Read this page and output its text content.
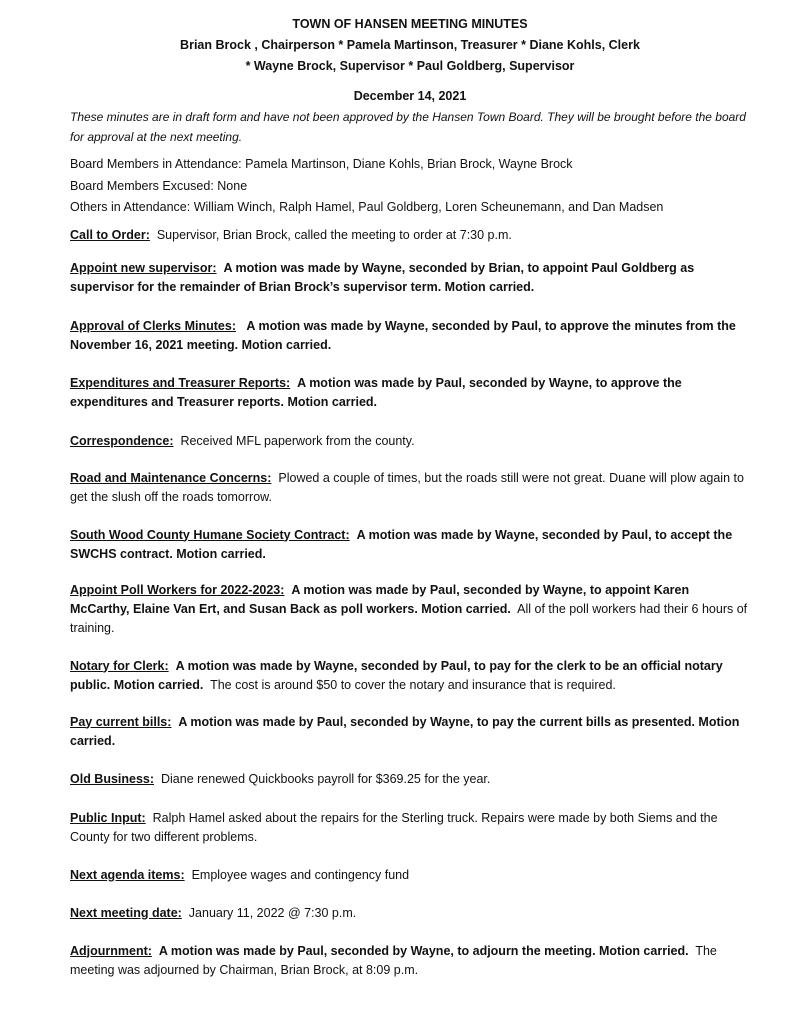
TOWN OF HANSEN MEETING MINUTES
Brian Brock , Chairperson * Pamela Martinson, Treasurer * Diane Kohls, Clerk
* Wayne Brock, Supervisor * Paul Goldberg, Supervisor
December 14, 2021
These minutes are in draft form and have not been approved by the Hansen Town Board. They will be brought before the board for approval at the next meeting.
Board Members in Attendance: Pamela Martinson, Diane Kohls, Brian Brock, Wayne Brock
Board Members Excused: None
Others in Attendance: William Winch, Ralph Hamel, Paul Goldberg, Loren Scheunemann, and Dan Madsen
Call to Order: Supervisor, Brian Brock, called the meeting to order at 7:30 p.m.
Appoint new supervisor: A motion was made by Wayne, seconded by Brian, to appoint Paul Goldberg as supervisor for the remainder of Brian Brock’s supervisor term. Motion carried.
Approval of Clerks Minutes: A motion was made by Wayne, seconded by Paul, to approve the minutes from the November 16, 2021 meeting. Motion carried.
Expenditures and Treasurer Reports: A motion was made by Paul, seconded by Wayne, to approve the expenditures and Treasurer reports. Motion carried.
Correspondence: Received MFL paperwork from the county.
Road and Maintenance Concerns: Plowed a couple of times, but the roads still were not great. Duane will plow again to get the slush off the roads tomorrow.
South Wood County Humane Society Contract: A motion was made by Wayne, seconded by Paul, to accept the SWCHS contract. Motion carried.
Appoint Poll Workers for 2022-2023: A motion was made by Paul, seconded by Wayne, to appoint Karen McCarthy, Elaine Van Ert, and Susan Back as poll workers. Motion carried. All of the poll workers had their 6 hours of training.
Notary for Clerk: A motion was made by Wayne, seconded by Paul, to pay for the clerk to be an official notary public. Motion carried. The cost is around $50 to cover the notary and insurance that is required.
Pay current bills: A motion was made by Paul, seconded by Wayne, to pay the current bills as presented. Motion carried.
Old Business: Diane renewed Quickbooks payroll for $369.25 for the year.
Public Input: Ralph Hamel asked about the repairs for the Sterling truck. Repairs were made by both Siems and the County for two different problems.
Next agenda items: Employee wages and contingency fund
Next meeting date: January 11, 2022 @ 7:30 p.m.
Adjournment: A motion was made by Paul, seconded by Wayne, to adjourn the meeting. Motion carried. The meeting was adjourned by Chairman, Brian Brock, at 8:09 p.m.
